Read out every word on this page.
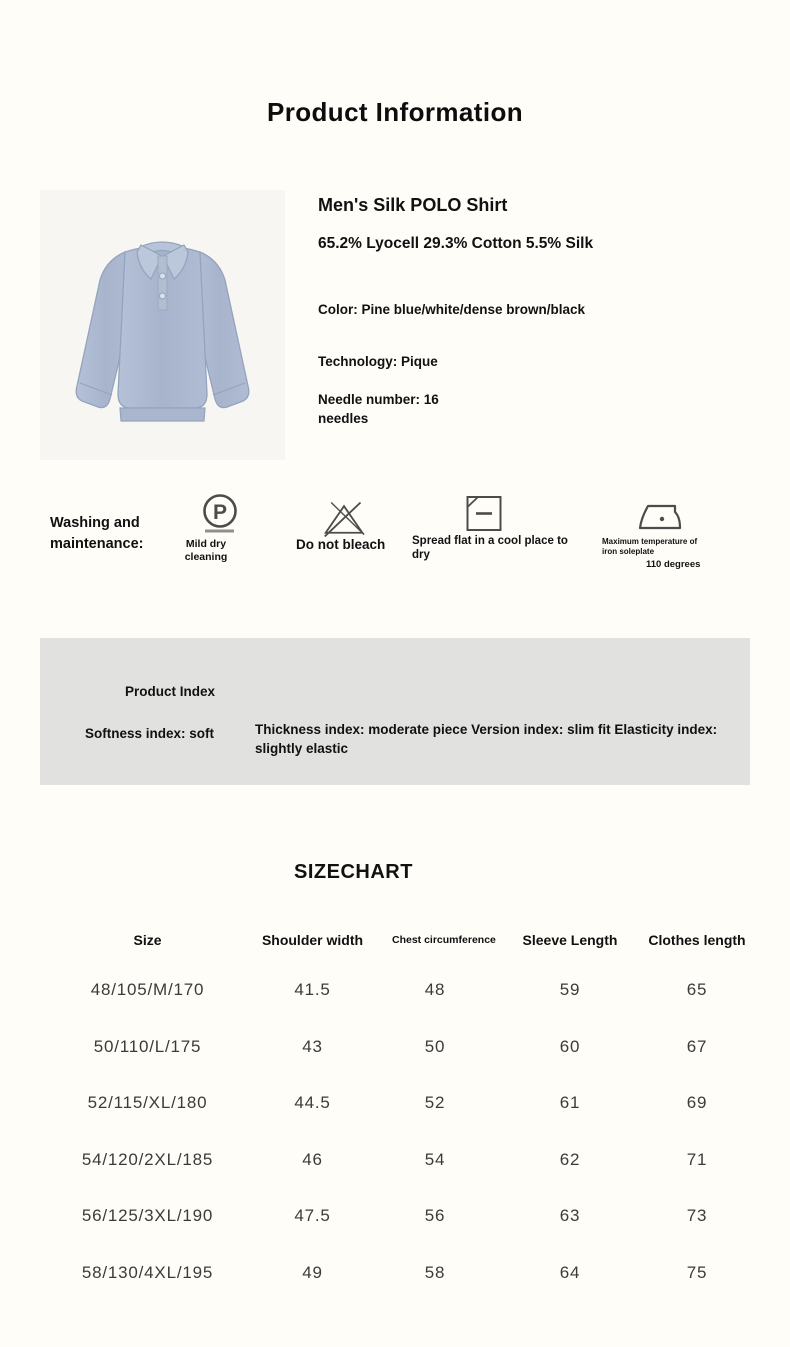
Product Information
Men's Silk POLO Shirt
65.2% Lyocell 29.3% Cotton 5.5% Silk
Color: Pine blue/white/dense brown/black
Technology: Pique
Needle number: 16 needles
Washing and maintenance:
P
Mild dry cleaning
Do not bleach Spread flat in a cool place to dry
Maximum temperature of iron soleplate
110 degrees
Product Index
Softness index: soft	Thickness index: moderate piece Version index: slim fit Elasticity index: slightly elastic
SIZECHART
Size	Shoulder width	Chest circumference	Sleeve Length	Clothes length
48/105/M/170	41.5	48	59	65
50/110/L/175	43	50	60	67
52/115/XL/180	44.5	52	61	69
54/120/2XL/185	46	54	62	71
56/125/3XL/190	47.5	56	63	73
58/130/4XL/195	49	58	64	75
